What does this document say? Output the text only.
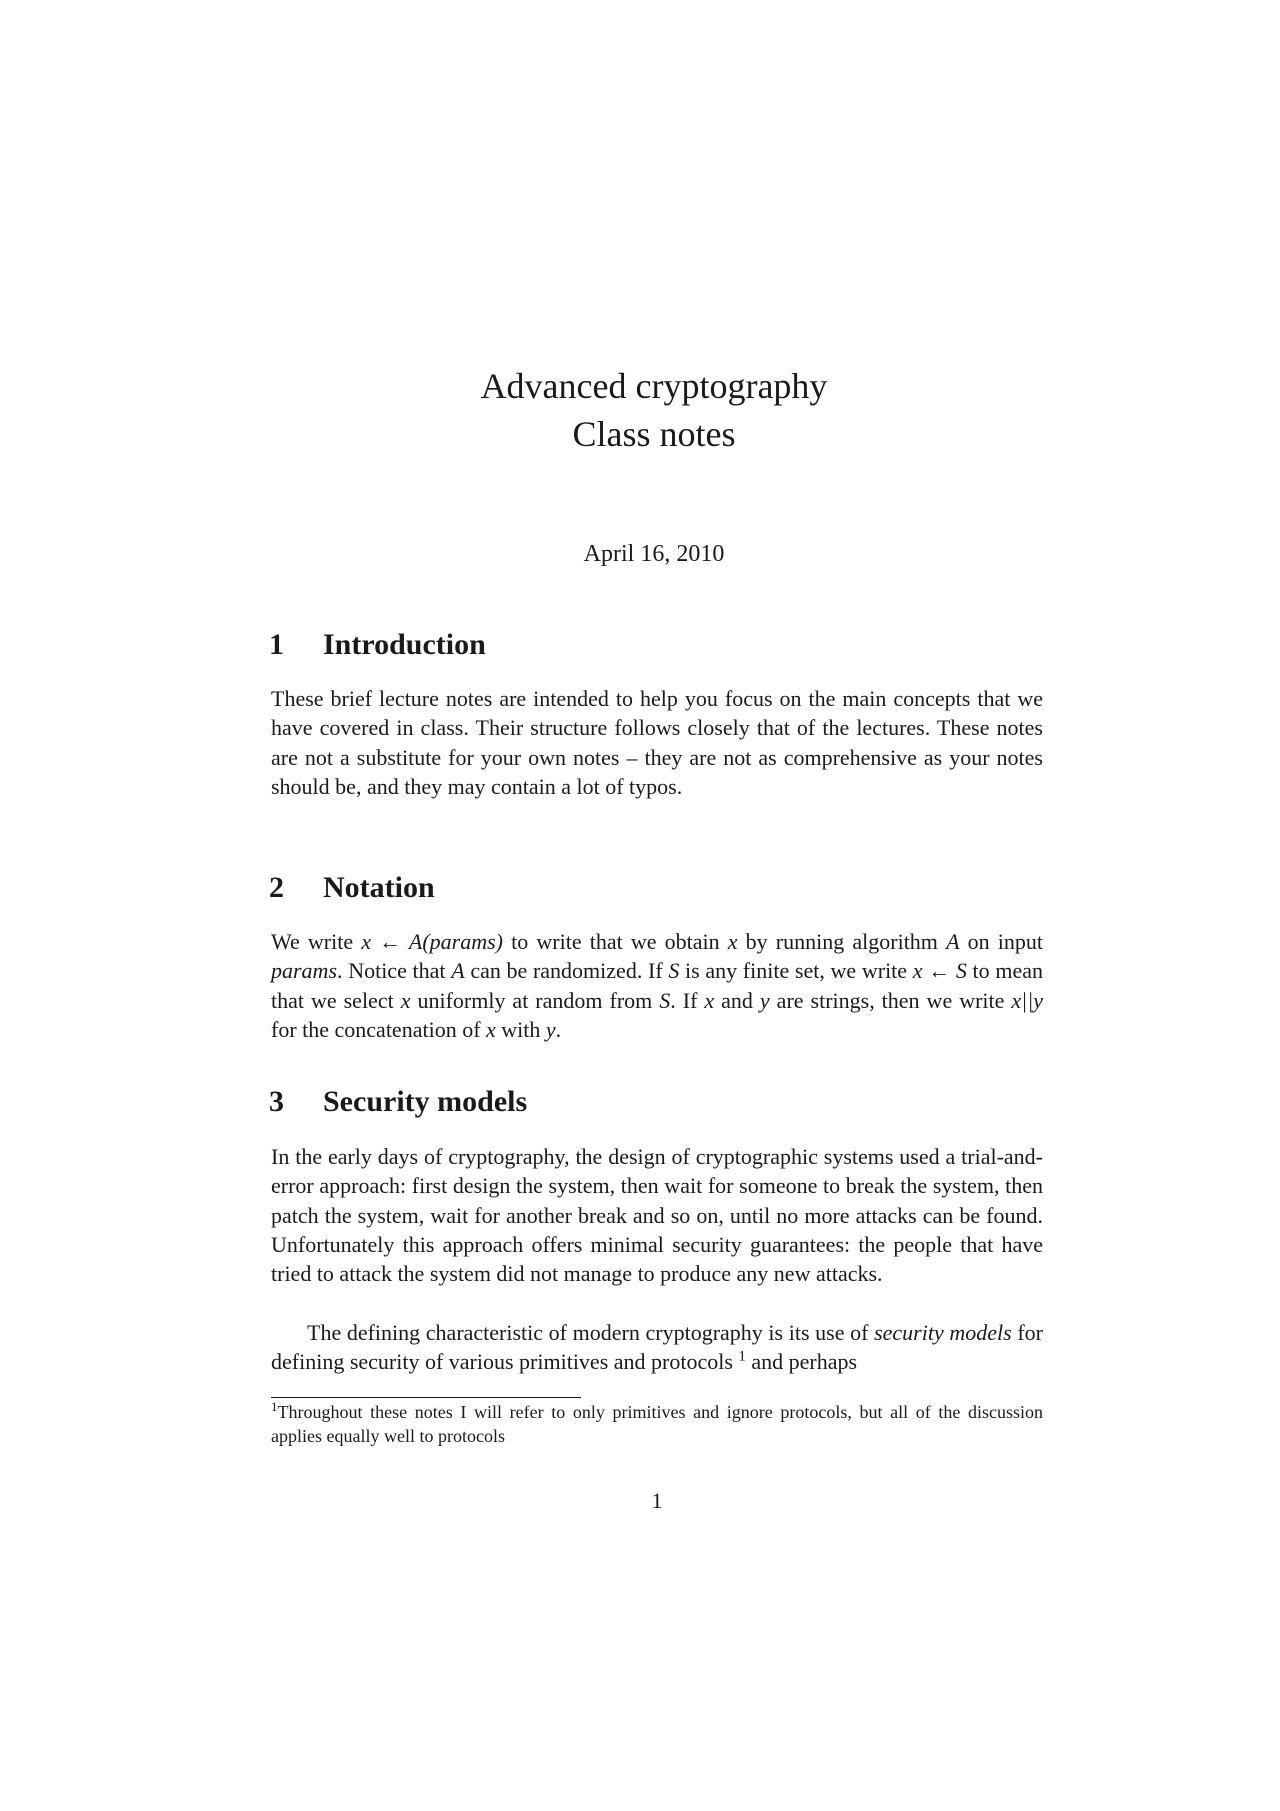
Advanced cryptography
Class notes
April 16, 2010
1 Introduction

These brief lecture notes are intended to help you focus on the main concepts that we have covered in class. Their structure follows closely that of the lectures. These notes are not a substitute for your own notes – they are not as comprehensive as your notes should be, and they may contain a lot of typos.

2 Notation

We write x ← A(params) to write that we obtain x by running algorithm A on input params. Notice that A can be randomized. If S is any finite set, we write x ← S to mean that we select x uniformly at random from S. If x and y are strings, then we write x||y for the concatenation of x with y.

3 Security models

In the early days of cryptography, the design of cryptographic systems used a trial-and-error approach: first design the system, then wait for someone to break the system, then patch the system, wait for another break and so on, until no more attacks can be found. Unfortunately this approach offers minimal security guarantees: the people that have tried to attack the system did not manage to produce any new attacks.

The defining characteristic of modern cryptography is its use of security models for defining security of various primitives and protocols $^1$ and perhaps

$^1$Throughout these notes I will refer to only primitives and ignore protocols, but all of the discussion applies equally well to protocols

1
